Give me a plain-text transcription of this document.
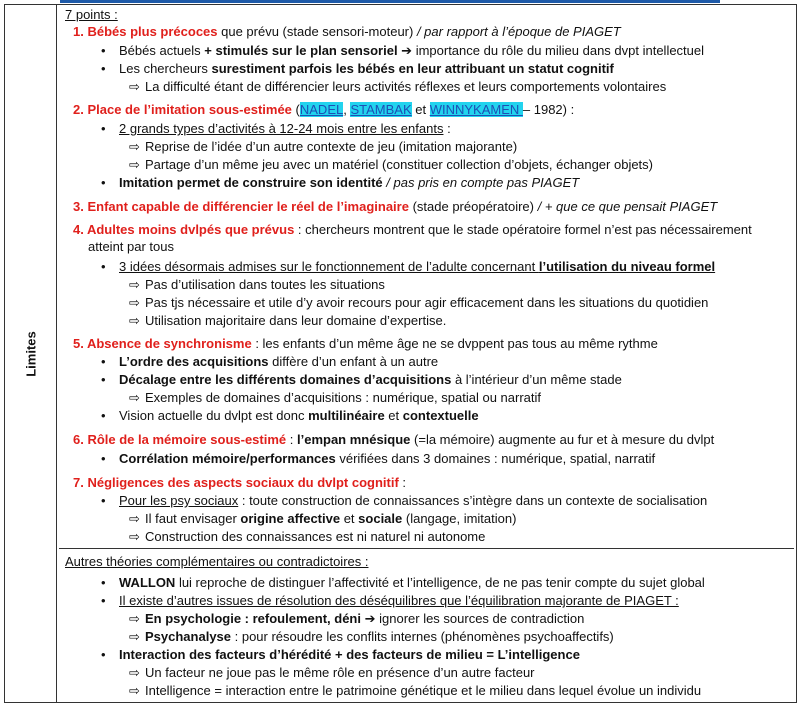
Limites
7 points :
1. Bébés plus précoces que prévu (stade sensori-moteur) / par rapport à l’époque de PIAGET
• Bébés actuels + stimulés sur le plan sensoriel ➔ importance du rôle du milieu dans dvpt intellectuel
• Les chercheurs surestiment parfois les bébés en leur attribuant un statut cognitif
⇨ La difficulté étant de différencier leurs activités réflexes et leurs comportements volontaires
2. Place de l’imitation sous-estimée (NADEL, STAMBAK et WINNYKAMEN – 1982) :
• 2 grands types d’activités à 12-24 mois entre les enfants :
⇨ Reprise de l’idée d’un autre contexte de jeu (imitation majorante)
⇨ Partage d’un même jeu avec un matériel (constituer collection d’objets, échanger objets)
• Imitation permet de construire son identité / pas pris en compte pas PIAGET
3. Enfant capable de différencier le réel de l’imaginaire (stade préopératoire) / + que ce que pensait PIAGET
4. Adultes moins dvlpés que prévus : chercheurs montrent que le stade opératoire formel n’est pas nécessairement
atteint par tous
• 3 idées désormais admises sur le fonctionnement de l’adulte concernant l’utilisation du niveau formel
⇨ Pas d’utilisation dans toutes les situations
⇨ Pas tjs nécessaire et utile d’y avoir recours pour agir efficacement dans les situations du quotidien
⇨ Utilisation majoritaire dans leur domaine d’expertise.
5. Absence de synchronisme : les enfants d’un même âge ne se dvppent pas tous au même rythme
• L’ordre des acquisitions diffère d’un enfant à un autre
• Décalage entre les différents domaines d’acquisitions à l’intérieur d’un même stade
⇨ Exemples de domaines d’acquisitions : numérique, spatial ou narratif
• Vision actuelle du dvlpt est donc multilinéaire et contextuelle
6. Rôle de la mémoire sous-estimé : l’empan mnésique (=la mémoire) augmente au fur et à mesure du dvlpt
• Corrélation mémoire/performances vérifiées dans 3 domaines : numérique, spatial, narratif
7. Négligences des aspects sociaux du dvlpt cognitif :
• Pour les psy sociaux : toute construction de connaissances s’intègre dans un contexte de socialisation
⇨ Il faut envisager origine affective et sociale (langage, imitation)
⇨ Construction des connaissances est ni naturel ni autonome
Autres théories complémentaires ou contradictoires :
• WALLON lui reproche de distinguer l’affectivité et l’intelligence, de ne pas tenir compte du sujet global
• Il existe d’autres issues de résolution des déséquilibres que l’équilibration majorante de PIAGET :
⇨ En psychologie : refoulement, déni ➔ ignorer les sources de contradiction
⇨ Psychanalyse : pour résoudre les conflits internes (phénomènes psychoaffectifs)
• Interaction des facteurs d’hérédité + des facteurs de milieu = L’intelligence
⇨ Un facteur ne joue pas le même rôle en présence d’un autre facteur
⇨ Intelligence = interaction entre le patrimoine génétique et le milieu dans lequel évolue un individu
